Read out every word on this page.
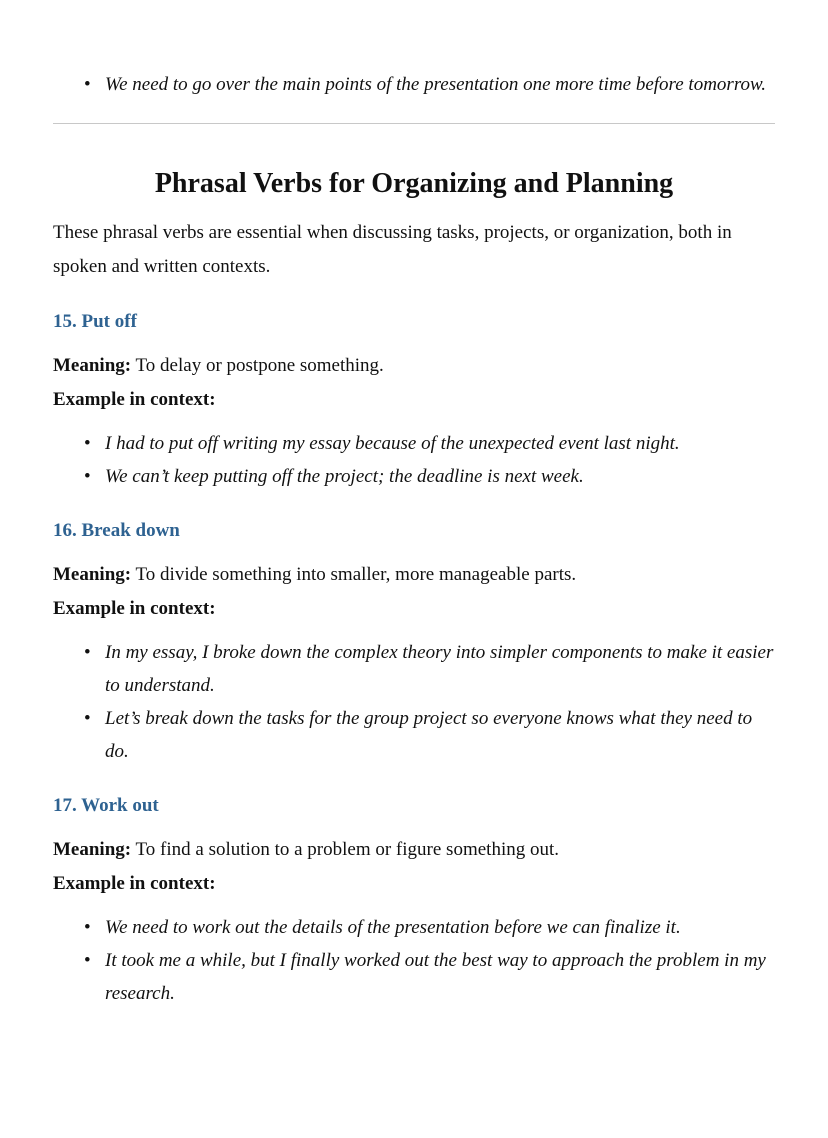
• We need to go over the main points of the presentation one more time before tomorrow.
Phrasal Verbs for Organizing and Planning

These phrasal verbs are essential when discussing tasks, projects, or organization, both in spoken and written contexts.

15. Put off

Meaning: To delay or postpone something.

Example in context:

• I had to put off writing my essay because of the unexpected event last night.
• We can’t keep putting off the project; the deadline is next week.
16. Break down

Meaning: To divide something into smaller, more manageable parts.

Example in context:

• In my essay, I broke down the complex theory into simpler components to make it easier to understand.
• Let’s break down the tasks for the group project so everyone knows what they need to do.
17. Work out

Meaning: To find a solution to a problem or figure something out.

Example in context:

• We need to work out the details of the presentation before we can finalize it.
• It took me a while, but I finally worked out the best way to approach the problem in my research.
